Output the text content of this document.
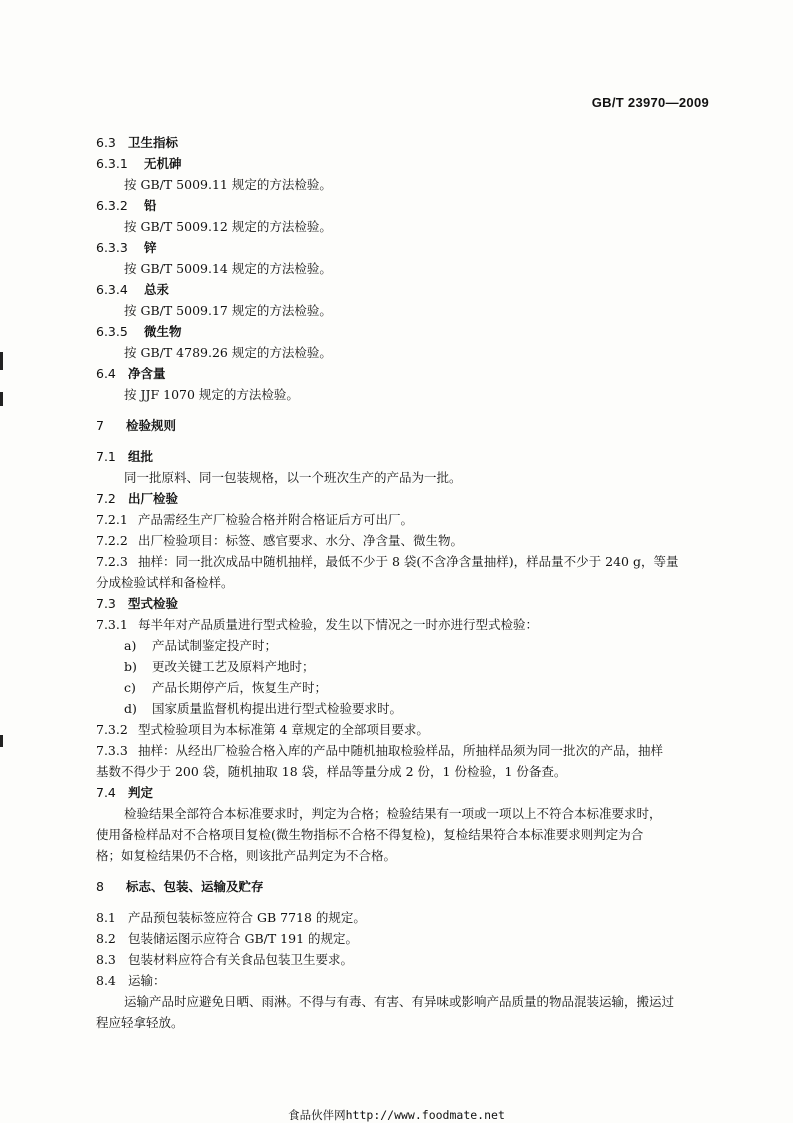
GB/T 23970—2009
6.3 卫生指标
6.3.1 无机砷
按 GB/T 5009.11 规定的方法检验。
6.3.2 铅
按 GB/T 5009.12 规定的方法检验。
6.3.3 锌
按 GB/T 5009.14 规定的方法检验。
6.3.4 总汞
按 GB/T 5009.17 规定的方法检验。
6.3.5 微生物
按 GB/T 4789.26 规定的方法检验。
6.4 净含量
按 JJF 1070 规定的方法检验。
7 检验规则
7.1 组批
同一批原料、同一包装规格，以一个班次生产的产品为一批。
7.2 出厂检验
7.2.1 产品需经生产厂检验合格并附合格证后方可出厂。
7.2.2 出厂检验项目：标签、感官要求、水分、净含量、微生物。
7.2.3 抽样：同一批次成品中随机抽样，最低不少于 8 袋(不含净含量抽样)，样品量不少于 240 g，等量
分成检验试样和备检样。
7.3 型式检验
7.3.1 每半年对产品质量进行型式检验，发生以下情况之一时亦进行型式检验：
a) 产品试制鉴定投产时；
b) 更改关键工艺及原料产地时；
c) 产品长期停产后，恢复生产时；
d) 国家质量监督机构提出进行型式检验要求时。
7.3.2 型式检验项目为本标准第 4 章规定的全部项目要求。
7.3.3 抽样：从经出厂检验合格入库的产品中随机抽取检验样品，所抽样品须为同一批次的产品，抽样
基数不得少于 200 袋，随机抽取 18 袋，样品等量分成 2 份，1 份检验，1 份备查。
7.4 判定
检验结果全部符合本标准要求时，判定为合格；检验结果有一项或一项以上不符合本标准要求时，
使用备检样品对不合格项目复检(微生物指标不合格不得复检)，复检结果符合本标准要求则判定为合
格；如复检结果仍不合格，则该批产品判定为不合格。
8 标志、包装、运输及贮存
8.1 产品预包装标签应符合 GB 7718 的规定。
8.2 包装储运图示应符合 GB/T 191 的规定。
8.3 包装材料应符合有关食品包装卫生要求。
8.4 运输：
运输产品时应避免日晒、雨淋。不得与有毒、有害、有异味或影响产品质量的物品混装运输，搬运过
程应轻拿轻放。
食品伙伴网http://www.foodmate.net
